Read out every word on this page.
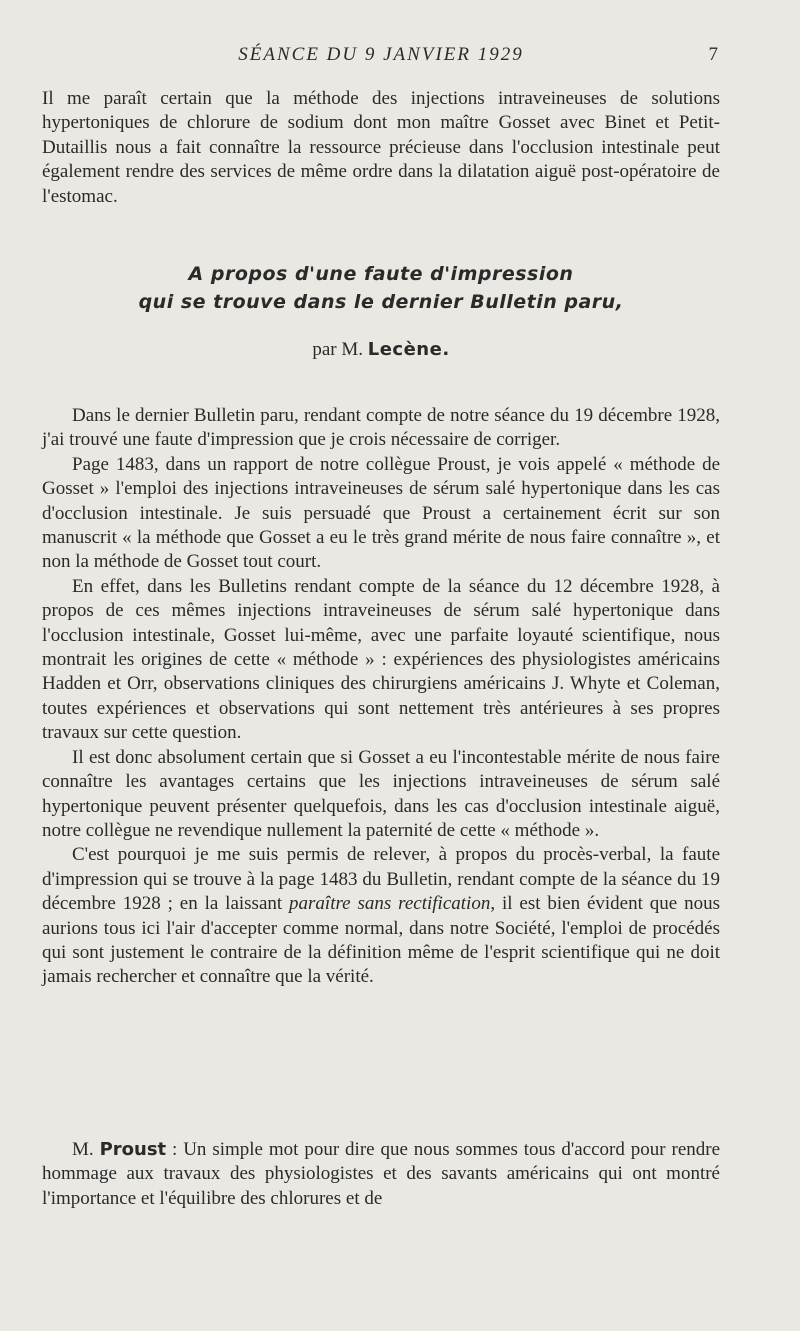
SÉANCE DU 9 JANVIER 1929	7

Il me paraît certain que la méthode des injections intraveineuses de solutions hypertoniques de chlorure de sodium dont mon maître Gosset avec Binet et Petit-Dutaillis nous a fait connaître la ressource précieuse dans l'occlusion intestinale peut également rendre des services de même ordre dans la dilatation aiguë post-opératoire de l'estomac.

A propos d'une faute d'impression
qui se trouve dans le dernier Bulletin paru,
par M. Lecène.

Dans le dernier Bulletin paru, rendant compte de notre séance du 19 décembre 1928, j'ai trouvé une faute d'impression que je crois nécessaire de corriger.

Page 1483, dans un rapport de notre collègue Proust, je vois appelé « méthode de Gosset » l'emploi des injections intraveineuses de sérum salé hypertonique dans les cas d'occlusion intestinale. Je suis persuadé que Proust a certainement écrit sur son manuscrit « la méthode que Gosset a eu le très grand mérite de nous faire connaître », et non la méthode de Gosset tout court.

En effet, dans les Bulletins rendant compte de la séance du 12 décembre 1928, à propos de ces mêmes injections intraveineuses de sérum salé hypertonique dans l'occlusion intestinale, Gosset lui-même, avec une parfaite loyauté scientifique, nous montrait les origines de cette « méthode » : expériences des physiologistes américains Hadden et Orr, observations cliniques des chirurgiens américains J. Whyte et Coleman, toutes expériences et observations qui sont nettement très antérieures à ses propres travaux sur cette question.

Il est donc absolument certain que si Gosset a eu l'incontestable mérite de nous faire connaître les avantages certains que les injections intraveineuses de sérum salé hypertonique peuvent présenter quelquefois, dans les cas d'occlusion intestinale aiguë, notre collègue ne revendique nullement la paternité de cette « méthode ».

C'est pourquoi je me suis permis de relever, à propos du procès-verbal, la faute d'impression qui se trouve à la page 1483 du Bulletin, rendant compte de la séance du 19 décembre 1928 ; en la laissant paraître sans rectification, il est bien évident que nous aurions tous ici l'air d'accepter comme normal, dans notre Société, l'emploi de procédés qui sont justement le contraire de la définition même de l'esprit scientifique qui ne doit jamais rechercher et connaître que la vérité.

M. Proust : Un simple mot pour dire que nous sommes tous d'accord pour rendre hommage aux travaux des physiologistes et des savants américains qui ont montré l'importance et l'équilibre des chlorures et de
